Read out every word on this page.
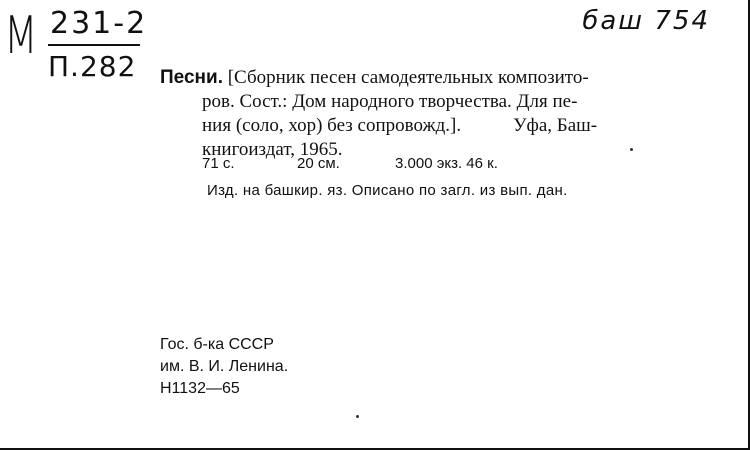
М 231-2
П.282
баш 754
Песни. [Сборник песен самодеятельных композито-
ров. Сост.: Дом народного творчества. Для пе-
ния (соло, хор) без сопровожд.].	Уфа, Баш-
книгоиздат, 1965.
71 с.	20 см.	3.000 экз. 46 к.
Изд. на башкир. яз. Описано по загл. из вып. дан.
Гос. б-ка СССР
им. В. И. Ленина.
Н1132—65
